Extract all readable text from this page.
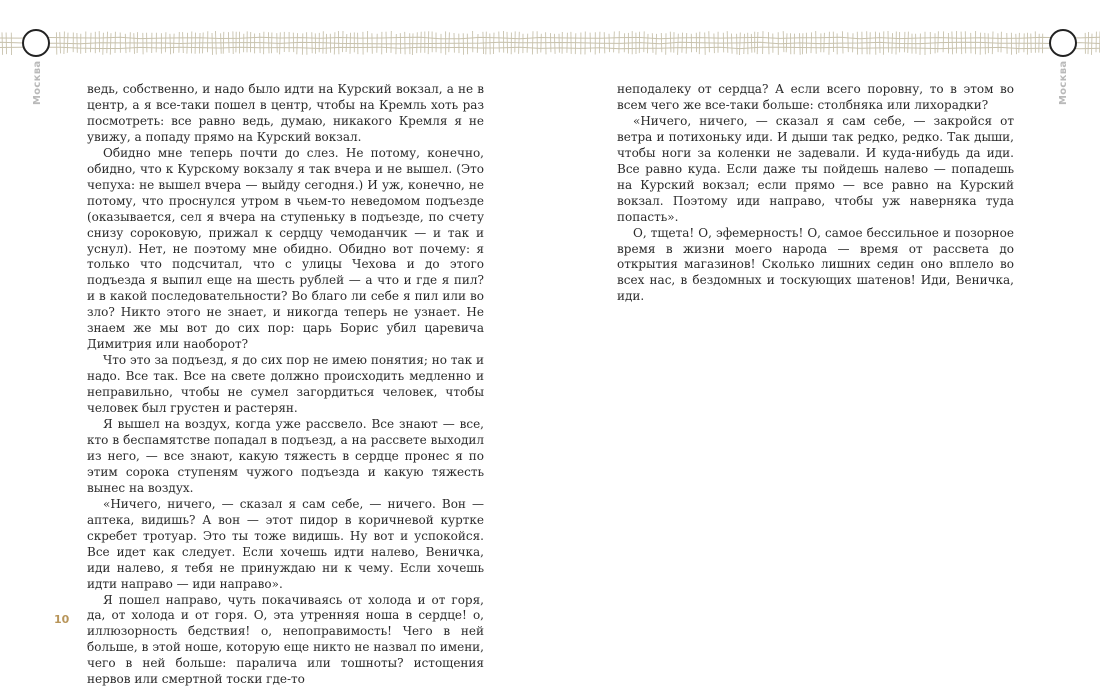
Москва	Москва

ведь, собственно, и надо было идти на Курский вокзал, а не в центр, а я все-таки пошел в центр, чтобы на Кремль хоть раз посмотреть: все равно ведь, думаю, никакого Кремля я не увижу, а попаду прямо на Курский вокзал.

Обидно мне теперь почти до слез. Не потому, конечно, обидно, что к Курскому вокзалу я так вчера и не вышел. (Это чепуха: не вышел вчера — выйду сегодня.) И уж, конечно, не потому, что проснулся утром в чьем-то неведомом подъезде (оказывается, сел я вчера на ступеньку в подъезде, по счету снизу сороковую, прижал к сердцу чемоданчик — и так и уснул). Нет, не поэтому мне обидно. Обидно вот почему: я только что подсчитал, что с улицы Чехова и до этого подъезда я выпил еще на шесть рублей — а что и где я пил? и в какой последовательности? Во благо ли себе я пил или во зло? Никто этого не знает, и никогда теперь не узнает. Не знаем же мы вот до сих пор: царь Борис убил царевича Димитрия или наоборот?

Что это за подъезд, я до сих пор не имею понятия; но так и надо. Все так. Все на свете должно происходить медленно и неправильно, чтобы не сумел загордиться человек, чтобы человек был грустен и растерян.

Я вышел на воздух, когда уже рассвело. Все знают — все, кто в беспамятстве попадал в подъезд, а на рассвете выходил из него, — все знают, какую тяжесть в сердце пронес я по этим сорока ступеням чужого подъезда и какую тяжесть вынес на воздух.

«Ничего, ничего, — сказал я сам себе, — ничего. Вон — аптека, видишь? А вон — этот пидор в коричневой куртке скребет тротуар. Это ты тоже видишь. Ну вот и успокойся. Все идет как следует. Если хочешь идти налево, Веничка, иди налево, я тебя не принуждаю ни к чему. Если хочешь идти направо — иди направо».

Я пошел направо, чуть покачиваясь от холода и от горя, да, от холода и от горя. О, эта утренняя ноша в сердце! о, иллюзорность бедствия! о, непоправимость! Чего в ней больше, в этой ноше, которую еще никто не назвал по имени, чего в ней больше: паралича или тошноты? истощения нервов или смертной тоски где-то

неподалеку от сердца? А если всего поровну, то в этом во всем чего же все-таки больше: столбняка или лихорадки?

«Ничего, ничего, — сказал я сам себе, — закройся от ветра и потихоньку иди. И дыши так редко, редко. Так дыши, чтобы ноги за коленки не задевали. И куда-нибудь да иди. Все равно куда. Если даже ты пойдешь налево — попадешь на Курский вокзал; если прямо — все равно на Курский вокзал. Поэтому иди направо, чтобы уж наверняка туда попасть».

О, тщета! О, эфемерность! О, самое бессильное и позорное время в жизни моего народа — время от рассвета до открытия магазинов! Сколько лишних седин оно вплело во всех нас, в бездомных и тоскующих шатенов! Иди, Веничка, иди.

10
